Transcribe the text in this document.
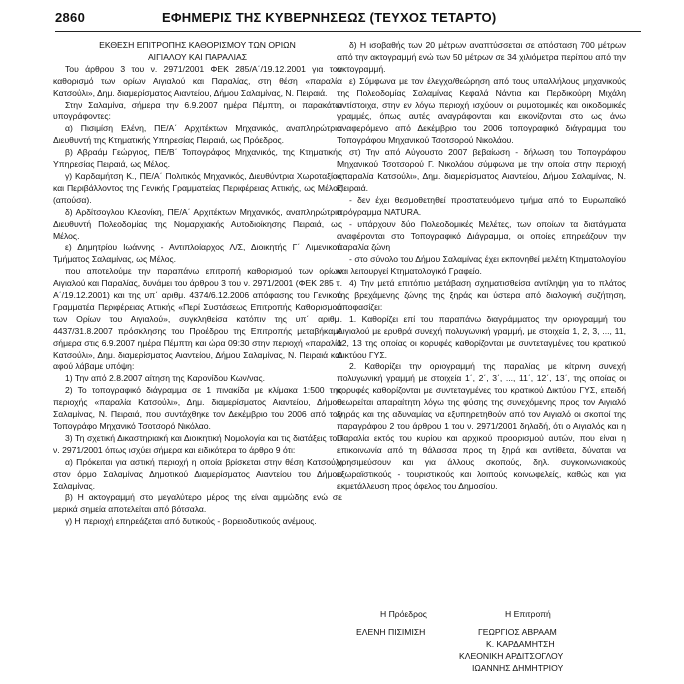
2860	ΕΦΗΜΕΡΙΣ ΤΗΣ ΚΥΒΕΡΝΗΣΕΩΣ (ΤΕΥΧΟΣ ΤΕΤΑΡΤΟ)

ΕΚΘΕΣΗ ΕΠΙΤΡΟΠΗΣ ΚΑΘΟΡΙΣΜΟΥ ΤΩΝ ΟΡΙΩΝ

ΑΙΓΙΑΛΟΥ ΚΑΙ ΠΑΡΑΛΙΑΣ

Του άρθρου 3 του ν. 2971/2001 ΦΕΚ 285/Α΄/19.12.2001 για τον καθορισμό των ορίων Αιγιαλού και Παραλίας, στη θέση «παραλία Κατσούλι», Δημ. διαμερίσματος Αιαντείου, Δήμου Σαλαμίνας, Ν. Πειραιά.

Στην Σαλαμίνα, σήμερα την 6.9.2007 ημέρα Πέμπτη, οι παρακάτω υπογράφοντες:

α) Πισιμίση Ελένη, ΠΕ/Α΄ Αρχιτέκτων Μηχανικός, αναπληρώτρια Διευθυντή της Κτηματικής Υπηρεσίας Πειραιά, ως Πρόεδρος.

β) Αβραάμ Γεώργιος, ΠΕ/Β΄ Τοπογράφος Μηχανικός, της Κτηματικής Υπηρεσίας Πειραιά, ως Μέλος.

γ) Καρδαμήτση Κ., ΠΕ/Α΄ Πολιτικός Μηχανικός, Διευθύντρια Χωροταξίας και Περιβάλλοντος της Γενικής Γραμματείας Περιφέρειας Αττικής, ως Μέλος (απούσα).

δ) Αρδίτσογλου Κλεονίκη, ΠΕ/Α΄ Αρχιτέκτων Μηχανικός, αναπληρώτρια Διευθυντή Πολεοδομίας της Νομαρχιακής Αυτοδιοίκησης Πειραιά, ως Μέλος.

ε) Δημητρίου Ιωάννης - Αντιπλοίαρχος Λ/Σ, Διοικητής Γ΄ Λιμενικού Τμήματος Σαλαμίνας, ως Μέλος.

που αποτελούμε την παραπάνω επιτροπή καθορισμού των ορίων Αιγιαλού και Παραλίας, δυνάμει του άρθρου 3 του ν. 2971/2001 (ΦΕΚ 285 τ. Α΄/19.12.2001) και της υπ΄ αριθμ. 4374/6.12.2006 απόφασης του Γενικού Γραμματέα Περιφέρειας Αττικής «Περί Συστάσεως Επιτροπής Καθορισμού των Ορίων του Αιγιαλού», συγκληθείσα κατόπιν της υπ΄ αριθμ. 4437/31.8.2007 πρόσκλησης του Προέδρου της Επιτροπής μεταβήκαμε σήμερα στις 6.9.2007 ημέρα Πέμπτη και ώρα 09:30 στην περιοχή «παραλία Κατσούλι», Δημ. διαμερίσματος Αιαντείου, Δήμου Σαλαμίνας, Ν. Πειραιά και αφού λάβαμε υπόψη:

1) Την από 2.8.2007 αίτηση της Καρονίδου Κων/νας.

2) Το τοπογραφικό διάγραμμα σε 1 πινακίδα με κλίμακα 1:500 της περιοχής «παραλία Κατσούλι», Δημ. διαμερίσματος Αιαντείου, Δήμου Σαλαμίνας, Ν. Πειραιά, που συντάχθηκε τον Δεκέμβριο του 2006 από τον Τοπογράφο Μηχανικό Τσοτσορό Νικόλαο.

3) Τη σχετική Δικαστηριακή και Διοικητική Νομολογία και τις διατάξεις του ν. 2971/2001 όπως ισχύει σήμερα και ειδικότερα το άρθρο 9 ότι:

α) Πρόκειται για αστική περιοχή η οποία βρίσκεται στην θέση Κατσούλι στον όρμο Σαλαμίνας Δημοτικού Διαμερίσματος Αιαντείου του Δήμου Σαλαμίνας.

β) Η ακτογραμμή στο μεγαλύτερο μέρος της είναι αμμώδης ενώ σε μερικά σημεία αποτελείται από βότσαλα.

γ) Η περιοχή επηρεάζεται από δυτικούς - βορειοδυτικούς ανέμους.

δ) Η ισοβαθής των 20 μέτρων αναπτύσσεται σε απόσταση 700 μέτρων από την ακτογραμμή ενώ των 50 μέτρων σε 34 χιλιόμετρα περίπου από την ακτογραμμή.

ε) Σύμφωνα με τον έλεγχο/θεώρηση από τους υπαλλήλους μηχανικούς της Πολεοδομίας Σαλαμίνας Κεφαλά Νάντια και Περδικούρη Μιχάλη αντίστοιχα, στην εν λόγω περιοχή ισχύουν οι ρυμοτομικές και οικοδομικές γραμμές, όπως αυτές αναγράφονται και εικονίζονται στο ως άνω αναφερόμενο από Δεκέμβριο του 2006 τοπογραφικό διάγραμμα του Τοπογράφου Μηχανικού Τσοτσορού Νικολάου.

στ) Την από Αύγουστο 2007 βεβαίωση - δήλωση του Τοπογράφου Μηχανικού Τσοτσορού Γ. Νικολάου σύμφωνα με την οποία στην περιοχή «παραλία Κατσούλι», Δημ. διαμερίσματος Αιαντείου, Δήμου Σαλαμίνας, Ν. Πειραιά.

- δεν έχει θεσμοθετηθεί προστατευόμενο τμήμα από το Ευρωπαϊκό πρόγραμμα NATURA.

- υπάρχουν δύο Πολεοδομικές Μελέτες, των οποίων τα διατάγματα αναφέρονται στο Τοπογραφικό Διάγραμμα, οι οποίες επηρεάζουν την παραλία ζώνη

- στο σύνολο του Δήμου Σαλαμίνας έχει εκπονηθεί μελέτη Κτηματολογίου και λειτουργεί Κτηματολογικό Γραφείο.

4) Την μετά επιτόπιο μετάβαση σχηματισθείσα αντίληψη για το πλάτος της βρεχάμενης ζώνης της ξηράς και ύστερα από διαλογική συζήτηση, αποφασίζει:

1. Καθορίζει επί του παραπάνω διαγράμματος την οριογραμμή του Αιγιαλού με ερυθρά συνεχή πολυγωνική γραμμή, με στοιχεία 1, 2, 3, ..., 11, 12, 13 της οποίας οι κορυφές καθορίζονται με συντεταγμένες του κρατικού Δικτύου ΓΥΣ.

2. Καθορίζει την οριογραμμή της παραλίας με κίτρινη συνεχή πολυγωνική γραμμή με στοιχεία 1΄, 2΄, 3΄, ..., 11΄, 12΄, 13΄, της οποίας οι κορυφές καθορίζονται με συντεταγμένες του κρατικού Δικτύου ΓΥΣ, επειδή θεωρείται απαραίτητη λόγω της φύσης της συνεχόμενης προς τον Αιγιαλό ξηράς και της αδυναμίας να εξυπηρετηθούν από τον Αιγιαλό οι σκοποί της παραγράφου 2 του άρθρου 1 του ν. 2971/2001 δηλαδή, ότι ο Αιγιαλός και η Παραλία εκτός του κυρίου και αρχικού προορισμού αυτών, που είναι η επικοινωνία από τη θάλασσα προς τη ξηρά και αντίθετα, δύναται να χρησιμεύσουν και για άλλους σκοπούς, δηλ. συγκοινωνιακούς εξωραϊστικούς - τουριστικούς και λοιπούς κοινωφελείς, καθώς και για εκμετάλλευση προς όφελος του Δημοσίου.

Η Πρόεδρος
ΕΛΕΝΗ ΠΙΣΙΜΙΣΗ
Η Επιτροπή
ΓΕΩΡΓΙΟΣ ΑΒΡΑΑΜ
Κ. ΚΑΡΔΑΜΗΤΣΗ
ΚΛΕΟΝΙΚΗ ΑΡΔΙΤΣΟΓΛΟΥ
ΙΩΑΝΝΗΣ ΔΗΜΗΤΡΙΟΥ
